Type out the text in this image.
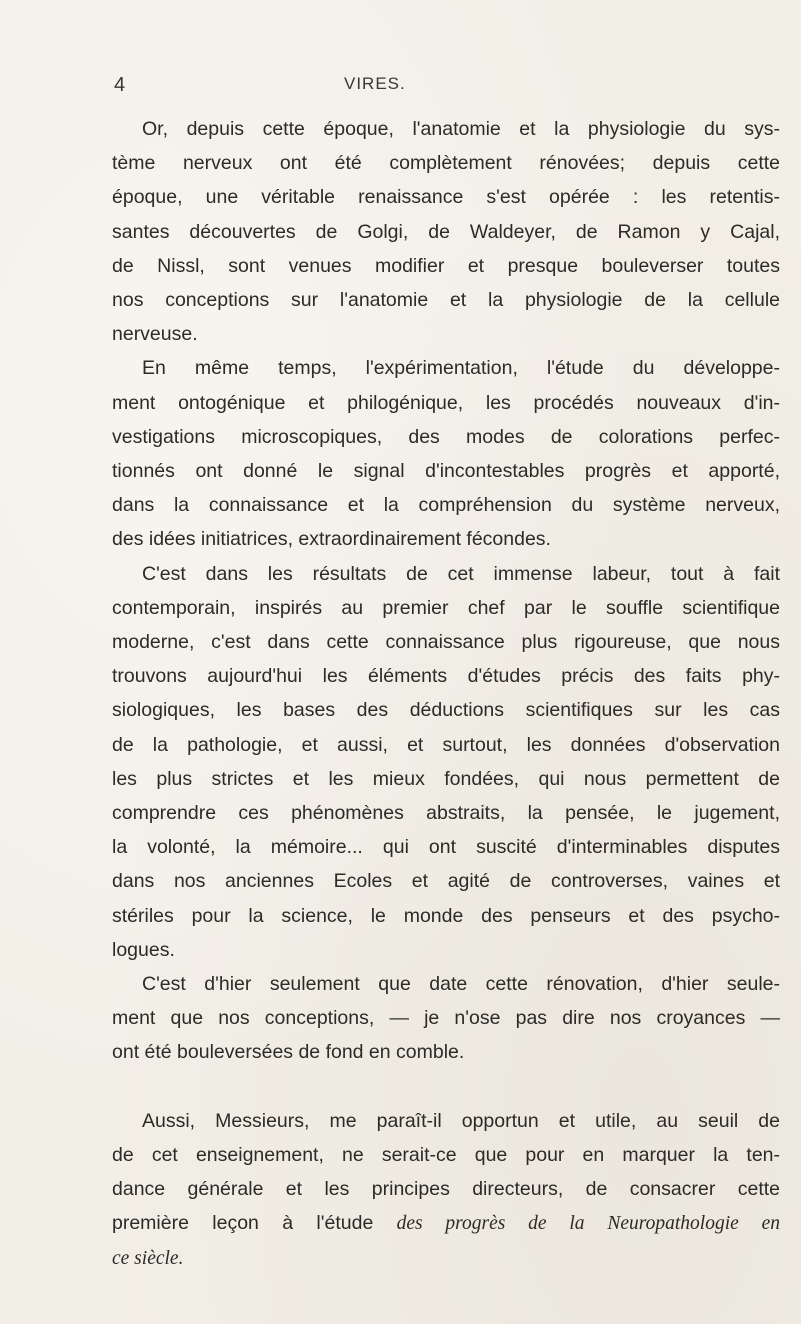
4	VIRES.
Or, depuis cette époque, l'anatomie et la physiologie du sys-
tème nerveux ont été complètement rénovées; depuis cette
époque, une véritable renaissance s'est opérée : les retentis-
santes découvertes de Golgi, de Waldeyer, de Ramon y Cajal,
de Nissl, sont venues modifier et presque bouleverser toutes
nos conceptions sur l'anatomie et la physiologie de la cellule
nerveuse.
En même temps, l'expérimentation, l'étude du développe-
ment ontogénique et philogénique, les procédés nouveaux d'in-
vestigations microscopiques, des modes de colorations perfec-
tionnés ont donné le signal d'incontestables progrès et apporté,
dans la connaissance et la compréhension du système nerveux,
des idées initiatrices, extraordinairement fécondes.
C'est dans les résultats de cet immense labeur, tout à fait
contemporain, inspirés au premier chef par le souffle scientifique
moderne, c'est dans cette connaissance plus rigoureuse, que nous
trouvons aujourd'hui les éléments d'études précis des faits phy-
siologiques, les bases des déductions scientifiques sur les cas
de la pathologie, et aussi, et surtout, les données d'observation
les plus strictes et les mieux fondées, qui nous permettent de
comprendre ces phénomènes abstraits, la pensée, le jugement,
la volonté, la mémoire... qui ont suscité d'interminables disputes
dans nos anciennes Ecoles et agité de controverses, vaines et
stériles pour la science, le monde des penseurs et des psycho-
logues.
C'est d'hier seulement que date cette rénovation, d'hier seule-
ment que nos conceptions, — je n'ose pas dire nos croyances —
ont été bouleversées de fond en comble.
Aussi, Messieurs, me paraît-il opportun et utile, au seuil de
de cet enseignement, ne serait-ce que pour en marquer la ten-
dance générale et les principes directeurs, de consacrer cette
première leçon à l'étude des progrès de la Neuropathologie en
ce siècle.
